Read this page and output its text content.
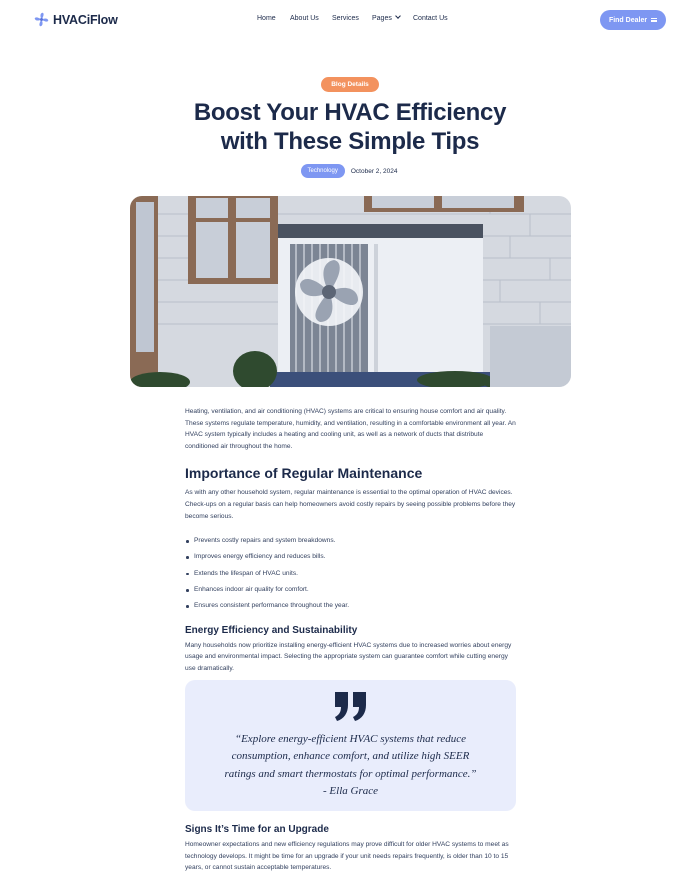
HVACiFlow	Home About Us Services Pages	Contact Us	Find Dealer
Blog Details
Boost Your HVAC Efficiency
with These Simple Tips
Technology	October 2, 2024

Heating, ventilation, and air conditioning (HVAC) systems are critical to ensuring house comfort and air quality. These systems regulate temperature, humidity, and ventilation, resulting in a comfortable environment all year. An HVAC system typically includes a heating and cooling unit, as well as a network of ducts that distribute conditioned air throughout the home.

Importance of Regular Maintenance

As with any other household system, regular maintenance is essential to the optimal operation of HVAC devices. Check-ups on a regular basis can help homeowners avoid costly repairs by seeing possible problems before they become serious.

Prevents costly repairs and system breakdowns.
Improves energy efficiency and reduces bills.
Extends the lifespan of HVAC units.
Enhances indoor air quality for comfort.
Ensures consistent performance throughout the year.
Energy Efficiency and Sustainability

Many households now prioritize installing energy-efficient HVAC systems due to increased worries about energy usage and environmental impact. Selecting the appropriate system can guarantee comfort while cutting energy use dramatically.

“Explore energy-efficient HVAC systems that reduce
consumption, enhance comfort, and utilize high SEER
ratings and smart thermostats for optimal performance.”
- Ella Grace
Signs It’s Time for an Upgrade

Homeowner expectations and new efficiency regulations may prove difficult for older HVAC systems to meet as technology develops. It might be time for an upgrade if your unit needs repairs frequently, is older than 10 to 15 years, or cannot sustain acceptable temperatures.
